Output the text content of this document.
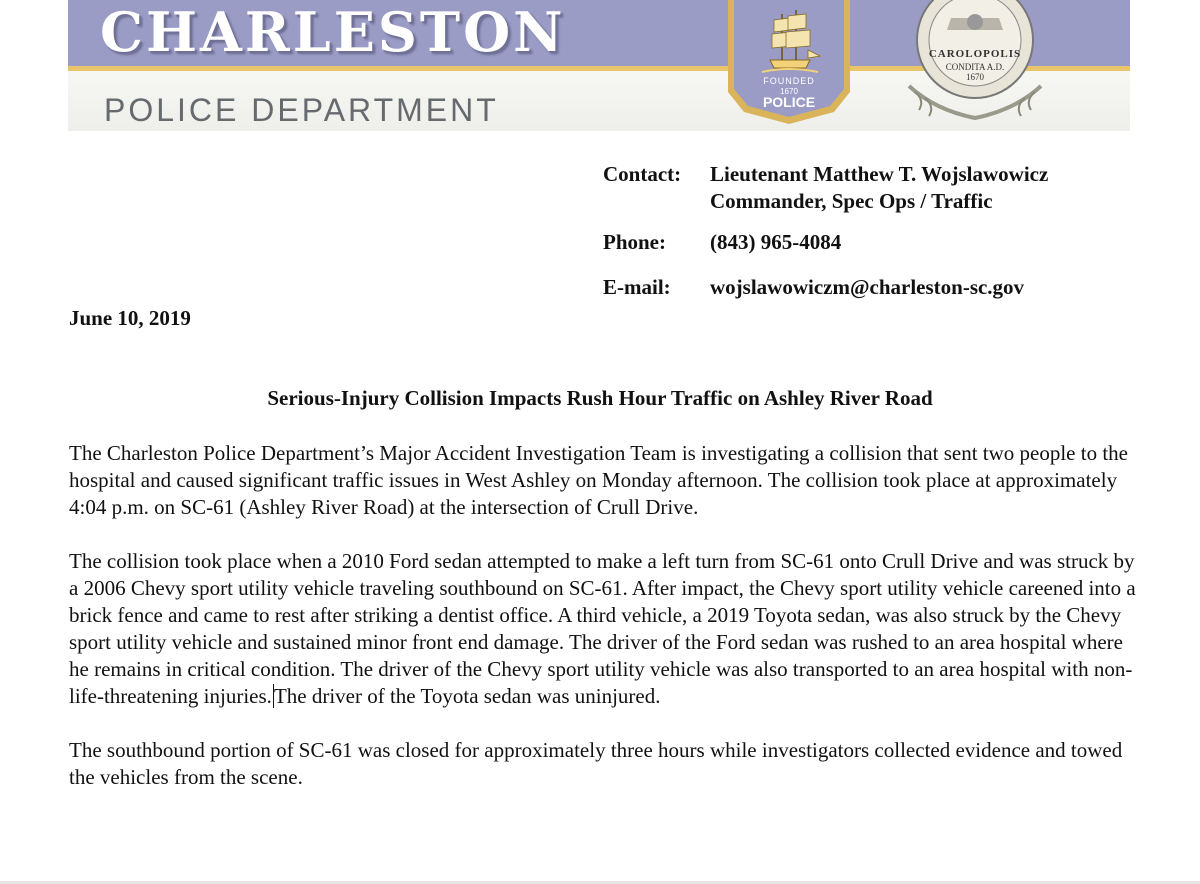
CHARLESTON
POLICE DEPARTMENT
FOUNDED
1670
POLICE
CAROLOPOLIS
CONDITA A.D.
1670
Contact: Lieutenant Matthew T. Wojslawowicz
Commander, Spec Ops / Traffic
Phone: (843) 965-4084
E-mail: wojslawowiczm@charleston-sc.gov
June 10, 2019
Serious-Injury Collision Impacts Rush Hour Traffic on Ashley River Road

The Charleston Police Department’s Major Accident Investigation Team is investigating a collision that sent two people to the hospital and caused significant traffic issues in West Ashley on Monday afternoon. The collision took place at approximately 4:04 p.m. on SC-61 (Ashley River Road) at the intersection of Crull Drive.

The collision took place when a 2010 Ford sedan attempted to make a left turn from SC-61 onto Crull Drive and was struck by a 2006 Chevy sport utility vehicle traveling southbound on SC-61. After impact, the Chevy sport utility vehicle careened into a brick fence and came to rest after striking a dentist office. A third vehicle, a 2019 Toyota sedan, was also struck by the Chevy sport utility vehicle and sustained minor front end damage. The driver of the Ford sedan was rushed to an area hospital where he remains in critical condition. The driver of the Chevy sport utility vehicle was also transported to an area hospital with non-life-threatening injuries.The driver of the Toyota sedan was uninjured.

The southbound portion of SC-61 was closed for approximately three hours while investigators collected evidence and towed the vehicles from the scene.
